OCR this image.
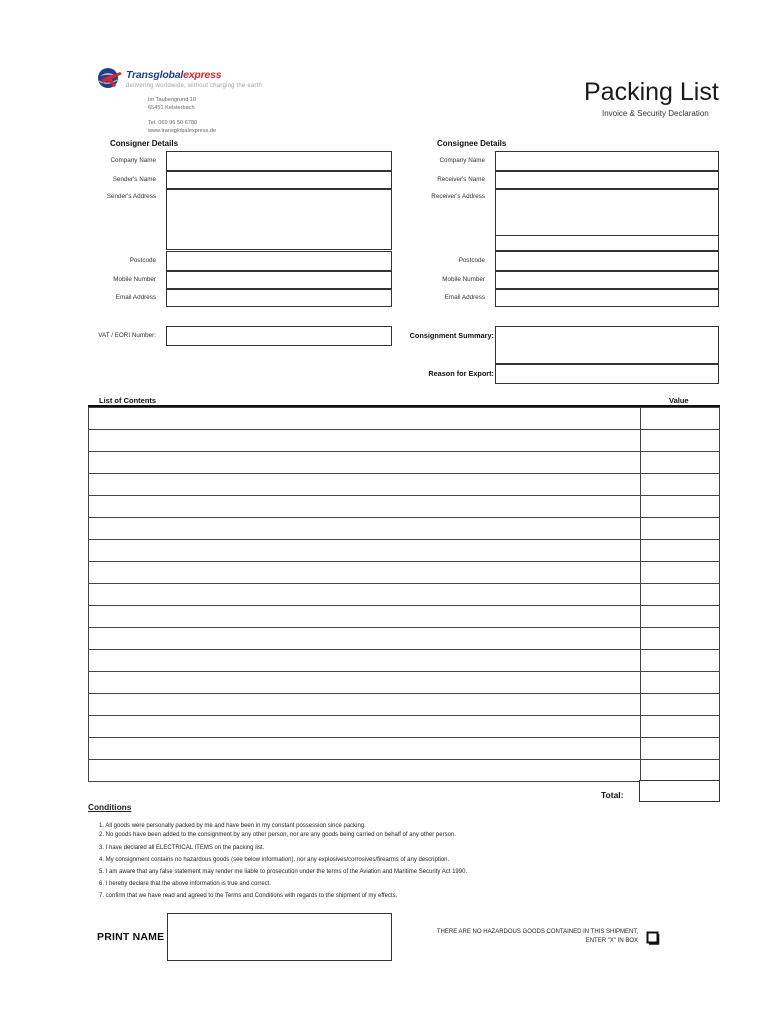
Transglobalexpress
delivering worldwide, without charging the earth
Im Taubengrund 10
65451 Kelsterbach
Tel. 069 96 50 6780
www.transglobalexpress.de
Packing List
Invoice & Security Declaration
Consigner Details
Company Name
Sender's Name
Sender's Address
Postcode
Mobile Number
Email Address
Consignee Details
Company Name
Receiver's Name
Receiver's Address
Postcode
Mobile Number
Email Address
VAT / EORI Number:	Consignment Summary:
Reason for Export:
List of Contents	Value
Total:
Conditions
1. All goods were personally packed by me and have been in my constant possession since packing.
2. No goods have been added to the consignment by any other person, nor are any goods being carried on behalf of any other person.
3. I have declared all ELECTRICAL ITEMS on the packing list.
4. My consignment contains no hazardous goods (see below information), nor any explosives/corrosives/firearms of any description.
5. I am aware that any false statement may render me liable to prosecution under the terms of the Aviation and Maritime Security Act 1990.
6. I hereby declare that the above information is true and correct.
7. confirm that we have read and agreed to the Terms and Conditions with regards to the shipment of my effects.
PRINT NAME	THERE ARE NO HAZARDOUS GOODS CONTAINED IN THIS SHIPMENT,
ENTER "X" IN BOX
